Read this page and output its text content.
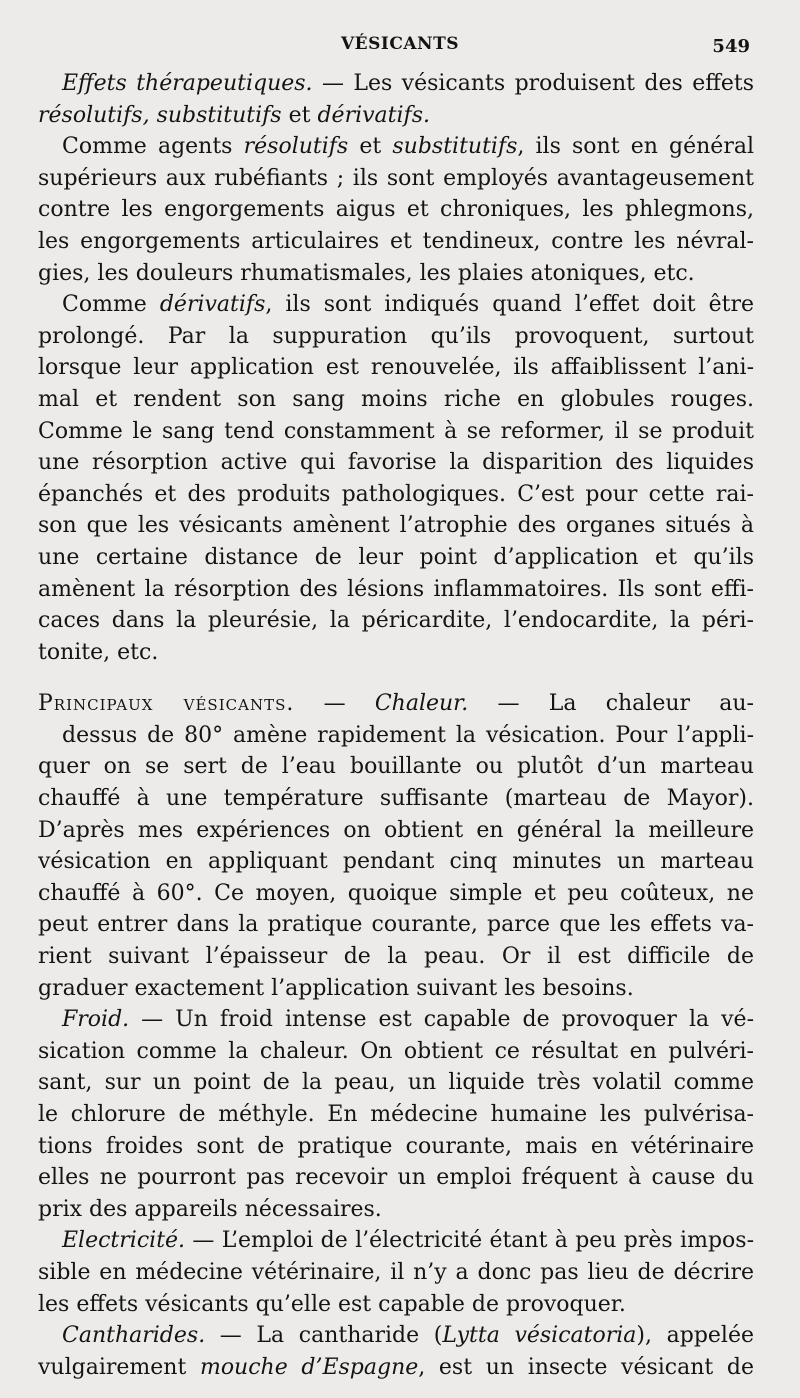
VÉSICANTS	549
Effets thérapeutiques. — Les vésicants produisent des effets
résolutifs, substitutifs et dérivatifs.
Comme agents résolutifs et substitutifs, ils sont en général
supérieurs aux rubéfiants ; ils sont employés avantageusement
contre les engorgements aigus et chroniques, les phlegmons,
les engorgements articulaires et tendineux, contre les névral-
gies, les douleurs rhumatismales, les plaies atoniques, etc.
Comme dérivatifs, ils sont indiqués quand l’effet doit être
prolongé. Par la suppuration qu’ils provoquent, surtout
lorsque leur application est renouvelée, ils affaiblissent l’ani-
mal et rendent son sang moins riche en globules rouges.
Comme le sang tend constamment à se reformer, il se produit
une résorption active qui favorise la disparition des liquides
épanchés et des produits pathologiques. C’est pour cette rai-
son que les vésicants amènent l’atrophie des organes situés à
une certaine distance de leur point d’application et qu’ils
amènent la résorption des lésions inflammatoires. Ils sont effi-
caces dans la pleurésie, la péricardite, l’endocardite, la péri-
tonite, etc.
Principaux vésicants. — Chaleur. — La chaleur au-
dessus de 80° amène rapidement la vésication. Pour l’appli-
quer on se sert de l’eau bouillante ou plutôt d’un marteau
chauffé à une température suffisante (marteau de Mayor).
D’après mes expériences on obtient en général la meilleure
vésication en appliquant pendant cinq minutes un marteau
chauffé à 60°. Ce moyen, quoique simple et peu coûteux, ne
peut entrer dans la pratique courante, parce que les effets va-
rient suivant l’épaisseur de la peau. Or il est difficile de
graduer exactement l’application suivant les besoins.
Froid. — Un froid intense est capable de provoquer la vé-
sication comme la chaleur. On obtient ce résultat en pulvéri-
sant, sur un point de la peau, un liquide très volatil comme
le chlorure de méthyle. En médecine humaine les pulvérisa-
tions froides sont de pratique courante, mais en vétérinaire
elles ne pourront pas recevoir un emploi fréquent à cause du
prix des appareils nécessaires.
Electricité. — L’emploi de l’électricité étant à peu près impos-
sible en médecine vétérinaire, il n’y a donc pas lieu de décrire
les effets vésicants qu’elle est capable de provoquer.
Cantharides. — La cantharide (Lytta vésicatoria), appelée
vulgairement mouche d’Espagne, est un insecte vésicant de
